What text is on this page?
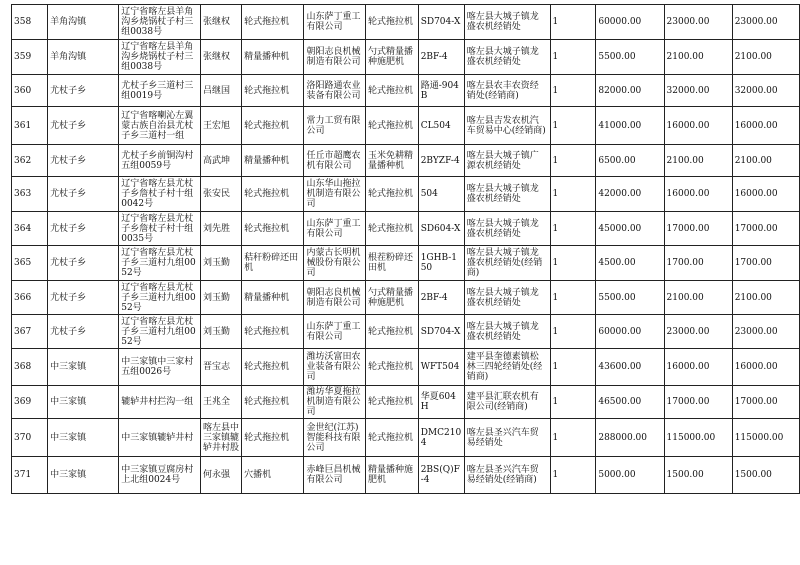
358	羊角沟镇	辽宁省喀左县羊角沟乡烧锅杖子村三组0038号	张继权	轮式拖拉机	山东萨丁重工有限公司	轮式拖拉机	SD704-X	喀左县大城子镇龙盛农机经销处	1	60000.00	23000.00	23000.00
359	羊角沟镇	辽宁省喀左县羊角沟乡烧锅杖子村三组0038号	张继权	精量播种机	朝阳志良机械制造有限公司	勺式精量播种施肥机	2BF-4	喀左县大城子镇龙盛农机经销处	1	5500.00	2100.00	2100.00
360	尤杖子乡	尤杖子乡三道村三组0019号	吕继国	轮式拖拉机	洛阳路通农业装备有限公司	轮式拖拉机	路通-904B	喀左县农丰农资经销处(经销商)	1	82000.00	32000.00	32000.00
361	尤杖子乡	辽宁省喀喇沁左翼蒙古族自治县尤杖子乡三道村一组	王宏旭	轮式拖拉机	常力工贸有限公司	轮式拖拉机	CL504	喀左县吉发农机汽车贸易中心(经销商)	1	41000.00	16000.00	16000.00
362	尤杖子乡	尤杖子乡前铜沟村五组0059号	高武坤	精量播种机	任丘市超鹰农机有限公司	玉米免耕精量播种机	2BYZF-4	喀左县大城子镇广源农机经销处	1	6500.00	2100.00	2100.00
363	尤杖子乡	辽宁省喀左县尤杖子乡詹杖子村十组0042号	张安民	轮式拖拉机	山东华山拖拉机制造有限公司	轮式拖拉机	504	喀左县大城子镇龙盛农机经销处	1	42000.00	16000.00	16000.00
364	尤杖子乡	辽宁省喀左县尤杖子乡詹杖子村十组0035号	刘先胜	轮式拖拉机	山东萨丁重工有限公司	轮式拖拉机	SD604-X	喀左县大城子镇龙盛农机经销处	1	45000.00	17000.00	17000.00
365	尤杖子乡	辽宁省喀左县尤杖子乡三道村九组0052号	刘玉勤	秸秆粉碎还田机	内蒙古长明机械股份有限公司	根茬粉碎还田机	1GHB-150	喀左县大城子镇龙盛农机经销处(经销商)	1	4500.00	1700.00	1700.00
366	尤杖子乡	辽宁省喀左县尤杖子乡三道村九组0052号	刘玉勤	精量播种机	朝阳志良机械制造有限公司	勺式精量播种施肥机	2BF-4	喀左县大城子镇龙盛农机经销处	1	5500.00	2100.00	2100.00
367	尤杖子乡	辽宁省喀左县尤杖子乡三道村九组0052号	刘玉勤	轮式拖拉机	山东萨丁重工有限公司	轮式拖拉机	SD704-X	喀左县大城子镇龙盛农机经销处	1	60000.00	23000.00	23000.00
368	中三家镇	中三家镇中三家村五组0026号	晋宝志	轮式拖拉机	潍坊沃富田农业装备有限公司	轮式拖拉机	WFT504	建平县奎德素镇松林三四轮经销处(经销商)	1	43600.00	16000.00	16000.00
369	中三家镇	辘轳井村拦沟一组	王兆全	轮式拖拉机	潍坊华夏拖拉机制造有限公司	轮式拖拉机	华夏604H	建平县汇联农机有限公司(经销商)	1	46500.00	17000.00	17000.00
370	中三家镇	中三家镇辘轳井村	喀左县中三家镇辘轳井村股	轮式拖拉机	金世纪(江苏)智能科技有限公司	轮式拖拉机	DMC2104	喀左县圣兴汽车贸易经销处	1	288000.00	115000.00	115000.00
371	中三家镇	中三家镇豆腐房村上北组0024号	何永强	穴播机	赤峰巨昌机械有限公司	精量播种施肥机	2BS(Q)F-4	喀左县圣兴汽车贸易经销处(经销商)	1	5000.00	1500.00	1500.00
